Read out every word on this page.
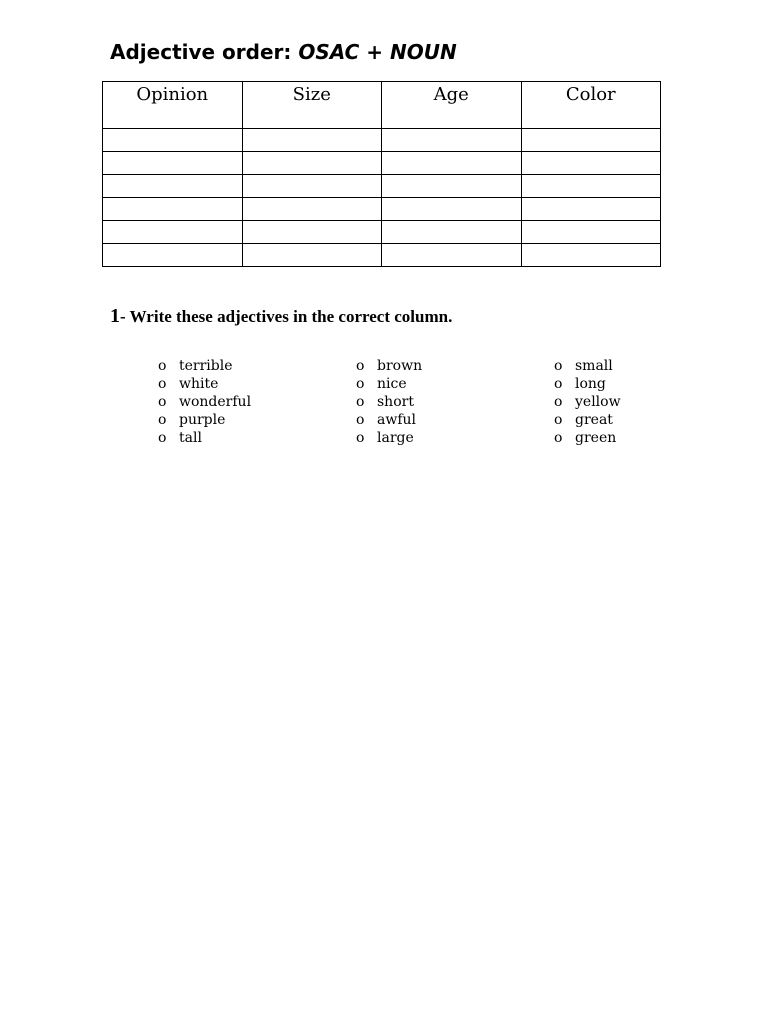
Adjective order: OSAC + NOUN
Opinion	Size	Age	Color

1- Write these adjectives in the correct column.

o terrible
o white
o wonderful
o purple
o tall
o brown
o nice
o short
o awful
o large
o small
o long
o yellow
o great
o green
